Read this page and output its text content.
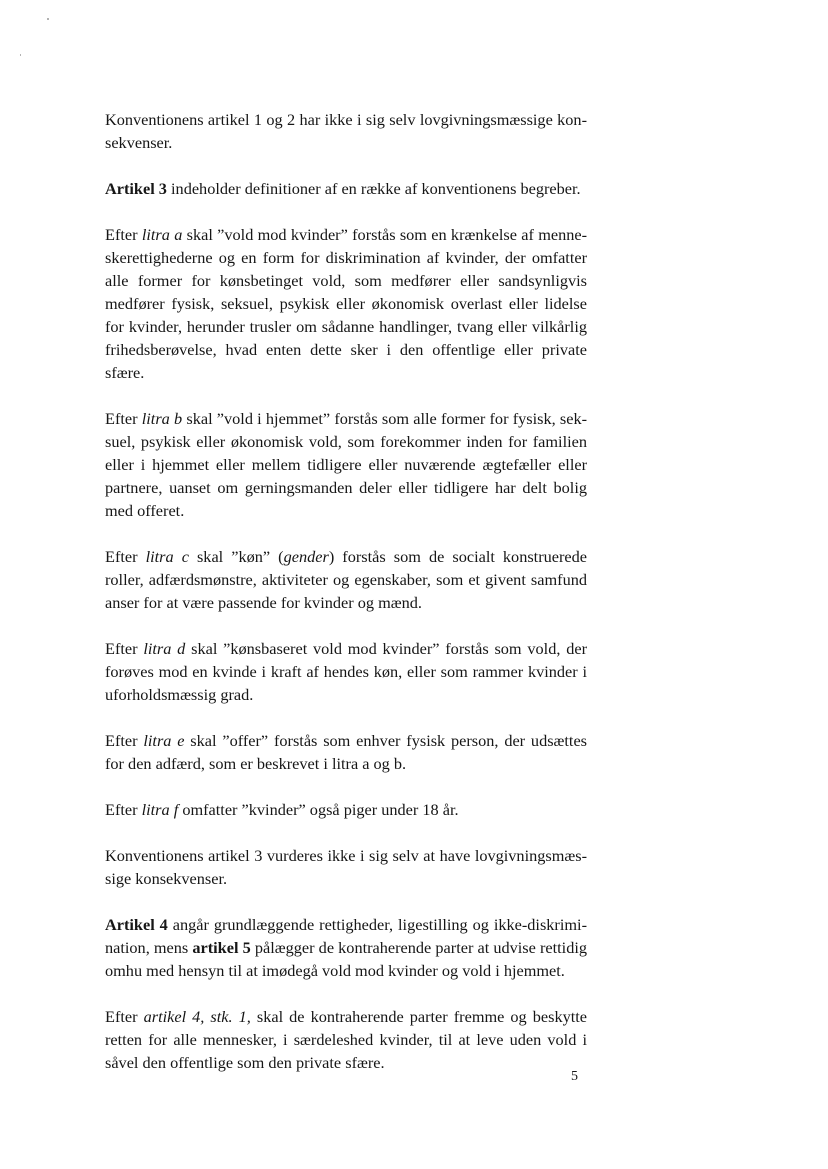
Konventionens artikel 1 og 2 har ikke i sig selv lovgivningsmæssige konsekvenser.

Artikel 3 indeholder definitioner af en række af konventionens begreber.

Efter litra a skal ”vold mod kvinder” forstås som en krænkelse af menneskerettighederne og en form for diskrimination af kvinder, der omfatter alle former for kønsbetinget vold, som medfører eller sandsynligvis medfører fysisk, seksuel, psykisk eller økonomisk overlast eller lidelse for kvinder, herunder trusler om sådanne handlinger, tvang eller vilkårlig frihedsberøvelse, hvad enten dette sker i den offentlige eller private sfære.

Efter litra b skal ”vold i hjemmet” forstås som alle former for fysisk, seksuel, psykisk eller økonomisk vold, som forekommer inden for familien eller i hjemmet eller mellem tidligere eller nuværende ægtefæller eller partnere, uanset om gerningsmanden deler eller tidligere har delt bolig med offeret.

Efter litra c skal ”køn” (gender) forstås som de socialt konstruerede roller, adfærdsmønstre, aktiviteter og egenskaber, som et givent samfund anser for at være passende for kvinder og mænd.

Efter litra d skal ”kønsbaseret vold mod kvinder” forstås som vold, der forøves mod en kvinde i kraft af hendes køn, eller som rammer kvinder i uforholdsmæssig grad.

Efter litra e skal ”offer” forstås som enhver fysisk person, der udsættes for den adfærd, som er beskrevet i litra a og b.

Efter litra f omfatter ”kvinder” også piger under 18 år.

Konventionens artikel 3 vurderes ikke i sig selv at have lovgivningsmæssige konsekvenser.

Artikel 4 angår grundlæggende rettigheder, ligestilling og ikke-diskrimination, mens artikel 5 pålægger de kontraherende parter at udvise rettidig omhu med hensyn til at imødegå vold mod kvinder og vold i hjemmet.

Efter artikel 4, stk. 1, skal de kontraherende parter fremme og beskytte retten for alle mennesker, i særdeleshed kvinder, til at leve uden vold i såvel den offentlige som den private sfære.

5
